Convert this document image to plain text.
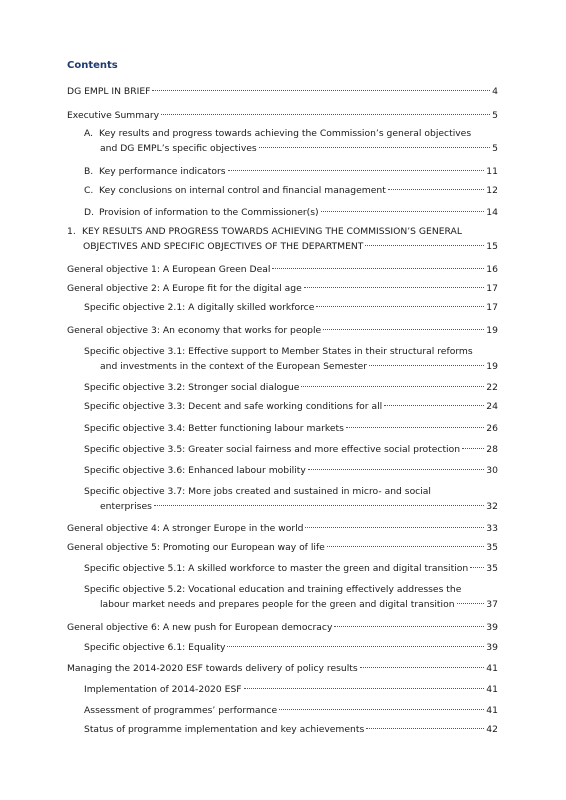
Contents
DG EMPL IN BRIEF	4
Executive Summary	5
A. Key results and progress towards achieving the Commission’s general objectives
and DG EMPL’s specific objectives	5
B. Key performance indicators	11
C. Key conclusions on internal control and financial management	12
D. Provision of information to the Commissioner(s)	14
1. KEY RESULTS AND PROGRESS TOWARDS ACHIEVING THE COMMISSION’S GENERAL
OBJECTIVES AND SPECIFIC OBJECTIVES OF THE DEPARTMENT	15
General objective 1: A European Green Deal	16
General objective 2: A Europe fit for the digital age	17
Specific objective 2.1: A digitally skilled workforce	17
General objective 3: An economy that works for people	19
Specific objective 3.1: Effective support to Member States in their structural reforms
and investments in the context of the European Semester	19
Specific objective 3.2: Stronger social dialogue	22
Specific objective 3.3: Decent and safe working conditions for all	24
Specific objective 3.4: Better functioning labour markets	26
Specific objective 3.5: Greater social fairness and more effective social protection	28
Specific objective 3.6: Enhanced labour mobility	30
Specific objective 3.7: More jobs created and sustained in micro- and social
enterprises	32
General objective 4: A stronger Europe in the world	33
General objective 5: Promoting our European way of life	35
Specific objective 5.1: A skilled workforce to master the green and digital transition 35
Specific objective 5.2: Vocational education and training effectively addresses the
labour market needs and prepares people for the green and digital transition	37
General objective 6: A new push for European democracy	39
Specific objective 6.1: Equality	39
Managing the 2014-2020 ESF towards delivery of policy results	41
Implementation of 2014-2020 ESF	41
Assessment of programmes’ performance	41
Status of programme implementation and key achievements	42
